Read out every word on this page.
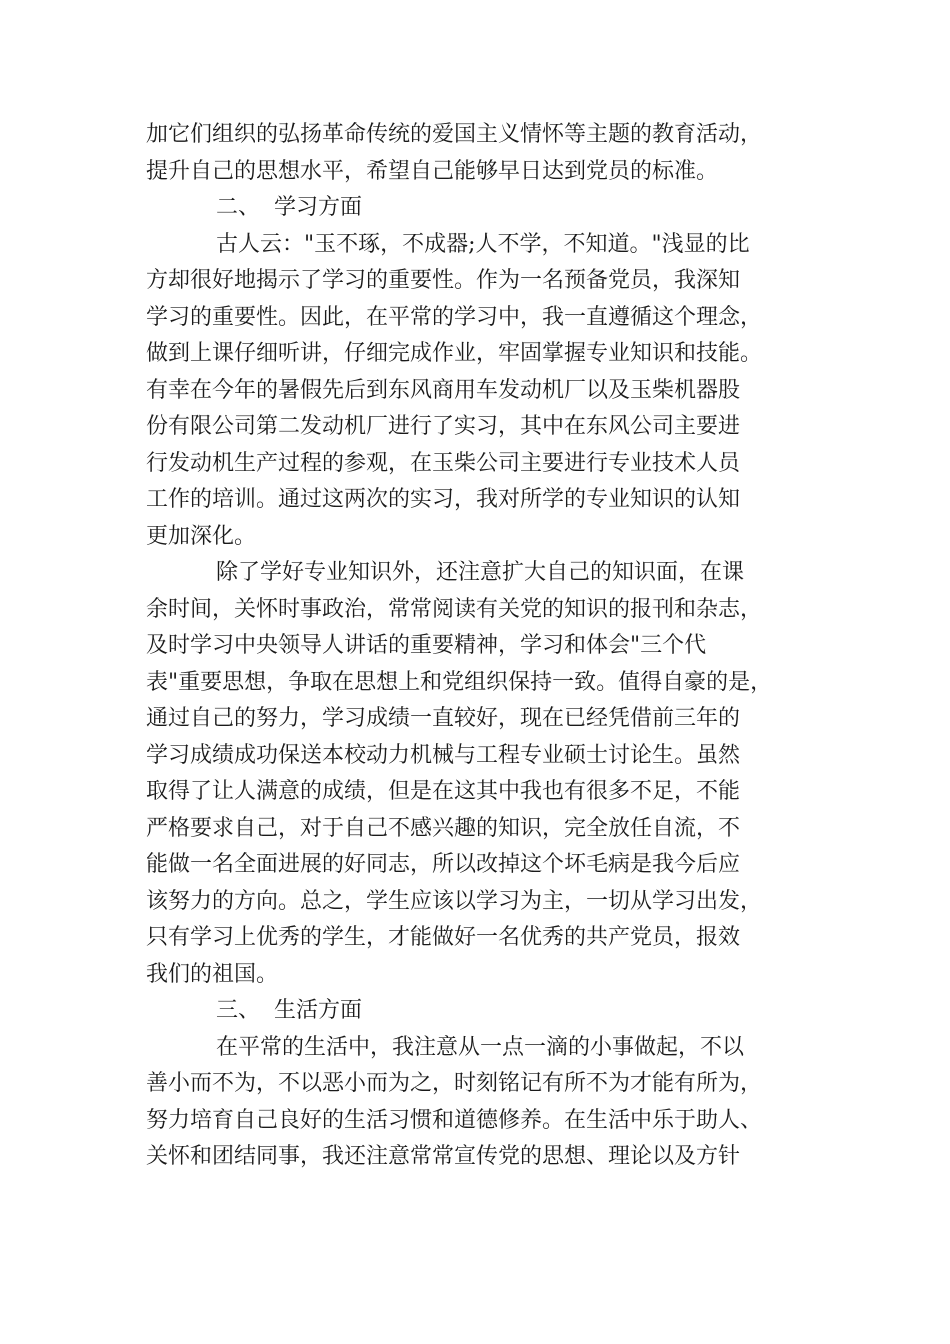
加它们组织的弘扬革命传统的爱国主义情怀等主题的教育活动，
提升自己的思想水平，希望自己能够早日达到党员的标准。
二、 学习方面
古人云："玉不琢，不成器;人不学，不知道。"浅显的比
方却很好地揭示了学习的重要性。作为一名预备党员，我深知
学习的重要性。因此，在平常的学习中，我一直遵循这个理念，
做到上课仔细听讲，仔细完成作业，牢固掌握专业知识和技能。
有幸在今年的暑假先后到东风商用车发动机厂以及玉柴机器股
份有限公司第二发动机厂进行了实习，其中在东风公司主要进
行发动机生产过程的参观，在玉柴公司主要进行专业技术人员
工作的培训。通过这两次的实习，我对所学的专业知识的认知
更加深化。
除了学好专业知识外，还注意扩大自己的知识面，在课
余时间，关怀时事政治，常常阅读有关党的知识的报刊和杂志，
及时学习中央领导人讲话的重要精神，学习和体会"三个代
表"重要思想，争取在思想上和党组织保持一致。值得自豪的是，
通过自己的努力，学习成绩一直较好，现在已经凭借前三年的
学习成绩成功保送本校动力机械与工程专业硕士讨论生。虽然
取得了让人满意的成绩，但是在这其中我也有很多不足，不能
严格要求自己，对于自己不感兴趣的知识，完全放任自流，不
能做一名全面进展的好同志，所以改掉这个坏毛病是我今后应
该努力的方向。总之，学生应该以学习为主，一切从学习出发，
只有学习上优秀的学生，才能做好一名优秀的共产党员，报效
我们的祖国。
三、 生活方面
在平常的生活中，我注意从一点一滴的小事做起，不以
善小而不为，不以恶小而为之，时刻铭记有所不为才能有所为，
努力培育自己良好的生活习惯和道德修养。在生活中乐于助人、
关怀和团结同事，我还注意常常宣传党的思想、理论以及方针
